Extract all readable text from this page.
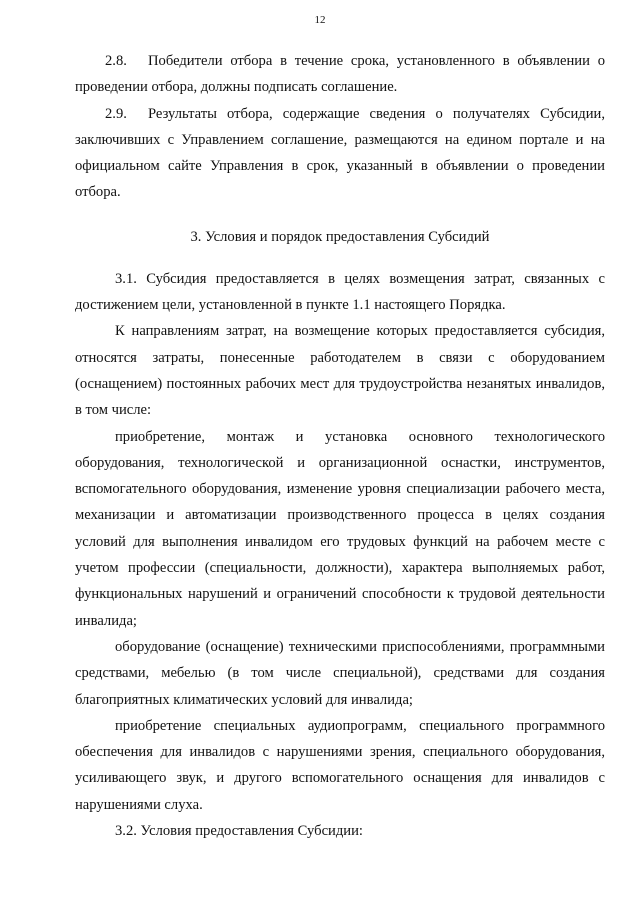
12

2.8. Победители отбора в течение срока, установленного в объявлении о проведении отбора, должны подписать соглашение.

2.9. Результаты отбора, содержащие сведения о получателях Субсидии, заключивших с Управлением соглашение, размещаются на едином портале и на официальном сайте Управления в срок, указанный в объявлении о проведении отбора.

3. Условия и порядок предоставления Субсидий

3.1. Субсидия предоставляется в целях возмещения затрат, связанных с достижением цели, установленной в пункте 1.1 настоящего Порядка.

К направлениям затрат, на возмещение которых предоставляется субсидия, относятся затраты, понесенные работодателем в связи с оборудованием (оснащением) постоянных рабочих мест для трудоустройства незанятых инвалидов, в том числе:

приобретение, монтаж и установка основного технологического оборудования, технологической и организационной оснастки, инструментов, вспомогательного оборудования, изменение уровня специализации рабочего места, механизации и автоматизации производственного процесса в целях создания условий для выполнения инвалидом его трудовых функций на рабочем месте с учетом профессии (специальности, должности), характера выполняемых работ, функциональных нарушений и ограничений способности к трудовой деятельности инвалида;

оборудование (оснащение) техническими приспособлениями, программными средствами, мебелью (в том числе специальной), средствами для создания благоприятных климатических условий для инвалида;

приобретение специальных аудиопрограмм, специального программного обеспечения для инвалидов с нарушениями зрения, специального оборудования, усиливающего звук, и другого вспомогательного оснащения для инвалидов с нарушениями слуха.

3.2. Условия предоставления Субсидии:
